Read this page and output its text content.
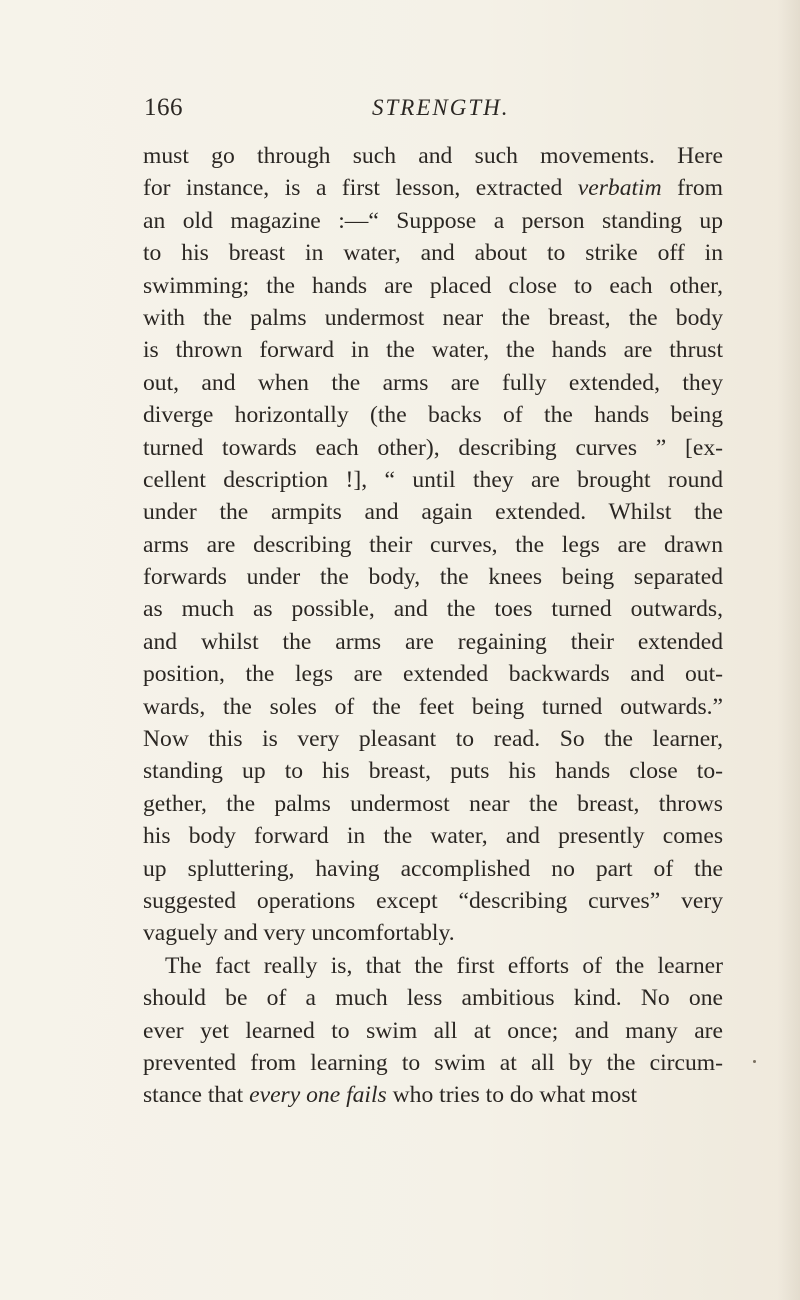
166	STRENGTH.
must go through such and such movements. Here
for instance, is a first lesson, extracted verbatim from
an old magazine :—“ Suppose a person standing up
to his breast in water, and about to strike off in
swimming; the hands are placed close to each other,
with the palms undermost near the breast, the body
is thrown forward in the water, the hands are thrust
out, and when the arms are fully extended, they
diverge horizontally (the backs of the hands being
turned towards each other), describing curves ” [ex-
cellent description !], “ until they are brought round
under the armpits and again extended. Whilst the
arms are describing their curves, the legs are drawn
forwards under the body, the knees being separated
as much as possible, and the toes turned outwards,
and whilst the arms are regaining their extended
position, the legs are extended backwards and out-
wards, the soles of the feet being turned outwards.”
Now this is very pleasant to read. So the learner,
standing up to his breast, puts his hands close to-
gether, the palms undermost near the breast, throws
his body forward in the water, and presently comes
up spluttering, having accomplished no part of the
suggested operations except “describing curves” very
vaguely and very uncomfortably.
The fact really is, that the first efforts of the learner
should be of a much less ambitious kind. No one
ever yet learned to swim all at once; and many are
prevented from learning to swim at all by the circum-
stance that every one fails who tries to do what most
